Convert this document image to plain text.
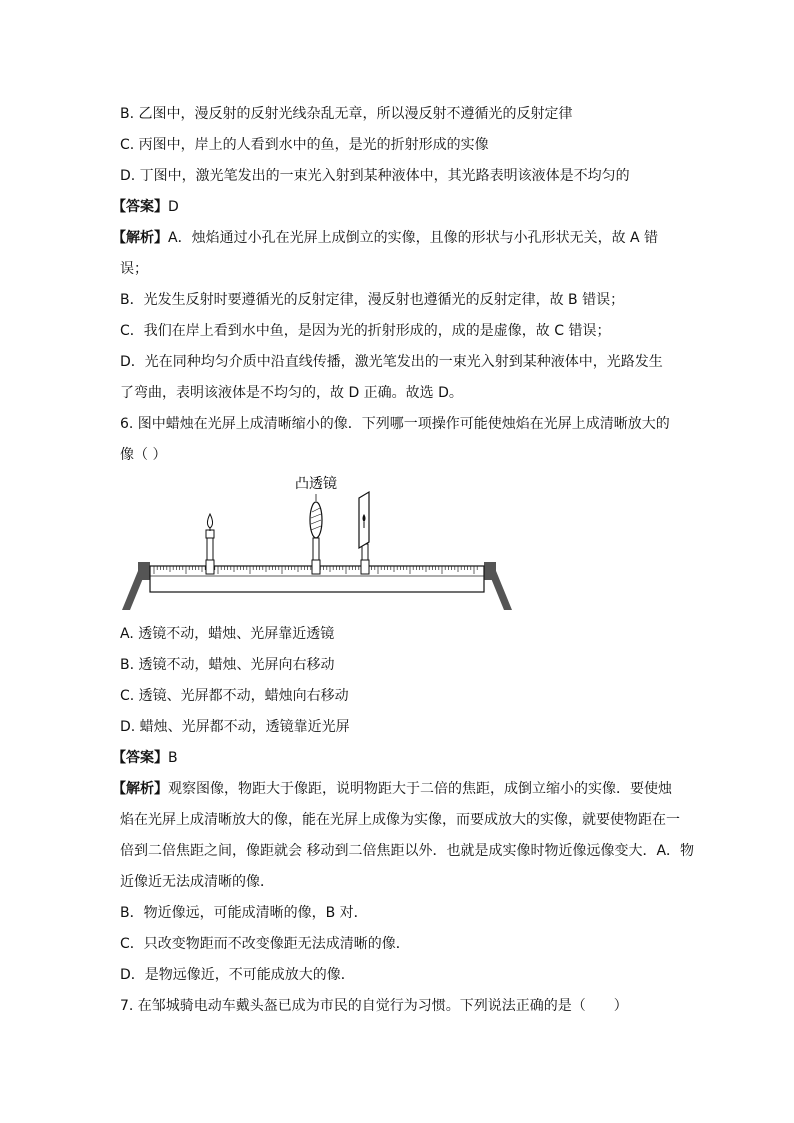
B. 乙图中，漫反射的反射光线杂乱无章，所以漫反射不遵循光的反射定律
C. 丙图中，岸上的人看到水中的鱼，是光的折射形成的实像
D. 丁图中，激光笔发出的一束光入射到某种液体中，其光路表明该液体是不均匀的
【答案】D
【解析】A．烛焰通过小孔在光屏上成倒立的实像，且像的形状与小孔形状无关，故 A 错
误；
B．光发生反射时要遵循光的反射定律，漫反射也遵循光的反射定律，故 B 错误；
C．我们在岸上看到水中鱼，是因为光的折射形成的，成的是虚像，故 C 错误；
D．光在同种均匀介质中沿直线传播，激光笔发出的一束光入射到某种液体中，光路发生
了弯曲，表明该液体是不均匀的，故 D 正确。故选 D。
6. 图中蜡烛在光屏上成清晰缩小的像．下列哪一项操作可能使烛焰在光屏上成清晰放大的
像（ ）
凸透镜
A. 透镜不动，蜡烛、光屏靠近透镜
B. 透镜不动，蜡烛、光屏向右移动
C. 透镜、光屏都不动，蜡烛向右移动
D. 蜡烛、光屏都不动，透镜靠近光屏
【答案】B
【解析】观察图像，物距大于像距，说明物距大于二倍的焦距，成倒立缩小的实像．要使烛
焰在光屏上成清晰放大的像，能在光屏上成像为实像，而要成放大的实像，就要使物距在一
倍到二倍焦距之间，像距就会 移动到二倍焦距以外．也就是成实像时物近像远像变大．A．物
近像近无法成清晰的像．
B．物近像远，可能成清晰的像，B 对．
C．只改变物距而不改变像距无法成清晰的像．
D．是物远像近，不可能成放大的像．
7. 在邹城骑电动车戴头盔已成为市民的自觉行为习惯。下列说法正确的是（　　）
